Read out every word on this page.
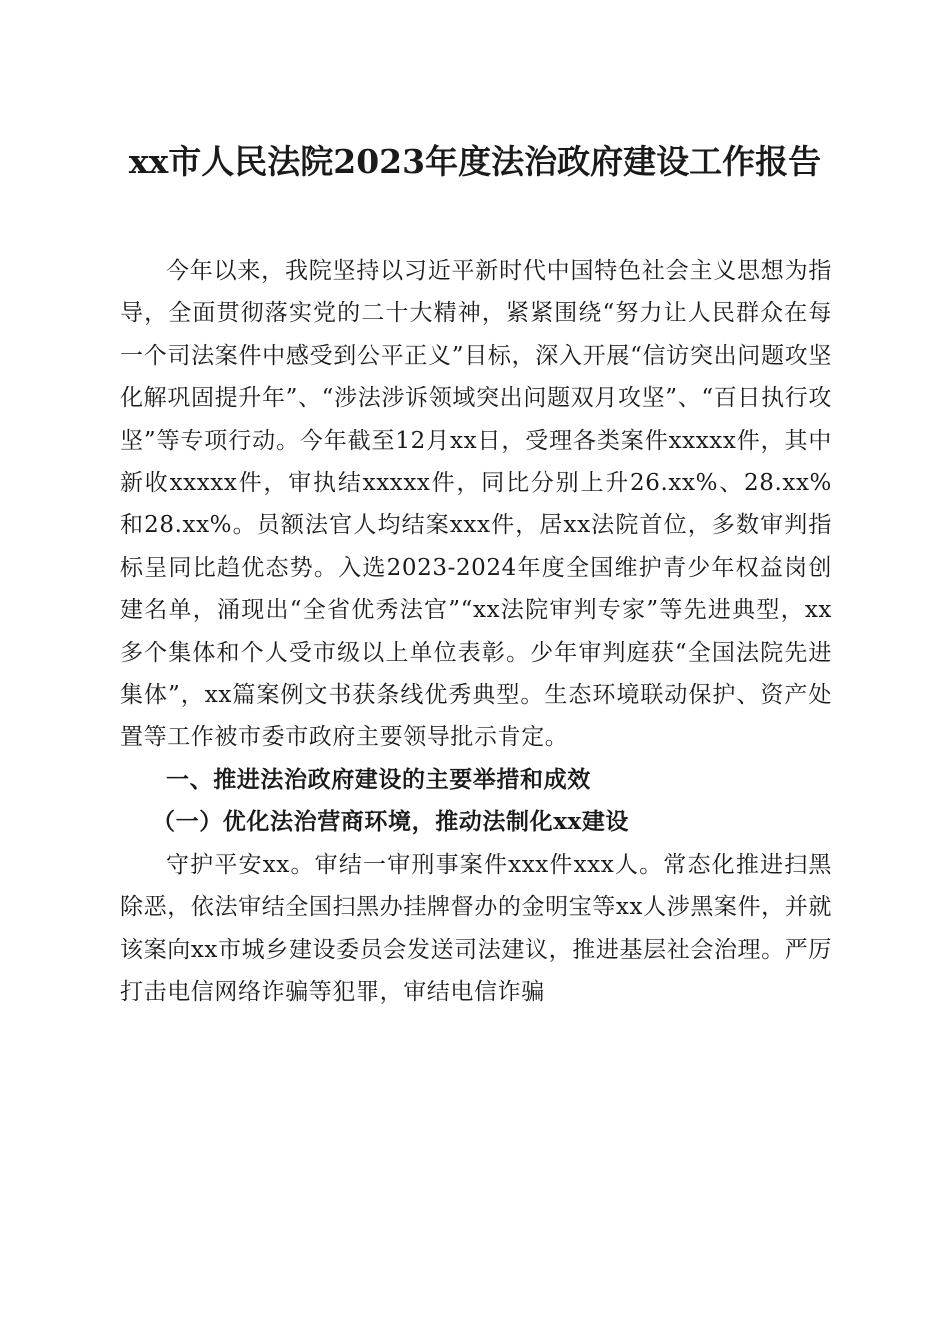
xx市人民法院2023年度法治政府建设工作报告

今年以来，我院坚持以习近平新时代中国特色社会主义思想为指导，全面贯彻落实党的二十大精神，紧紧围绕“努力让人民群众在每一个司法案件中感受到公平正义”目标，深入开展“信访突出问题攻坚化解巩固提升年”、“涉法涉诉领域突出问题双月攻坚”、“百日执行攻坚”等专项行动。今年截至12月xx日，受理各类案件xxxxx件，其中新收xxxxx件，审执结xxxxx件，同比分别上升26.xx%、28.xx%和28.xx%。员额法官人均结案xxx件，居xx法院首位，多数审判指标呈同比趋优态势。入选2023-2024年度全国维护青少年权益岗创建名单，涌现出“全省优秀法官”“xx法院审判专家”等先进典型，xx多个集体和个人受市级以上单位表彰。少年审判庭获“全国法院先进集体”，xx篇案例文书获条线优秀典型。生态环境联动保护、资产处置等工作被市委市政府主要领导批示肯定。

一、推进法治政府建设的主要举措和成效

（一）优化法治营商环境，推动法制化xx建设

守护平安xx。审结一审刑事案件xxx件xxx人。常态化推进扫黑除恶，依法审结全国扫黑办挂牌督办的金明宝等xx人涉黑案件，并就该案向xx市城乡建设委员会发送司法建议，推进基层社会治理。严厉打击电信网络诈骗等犯罪，审结电信诈骗
